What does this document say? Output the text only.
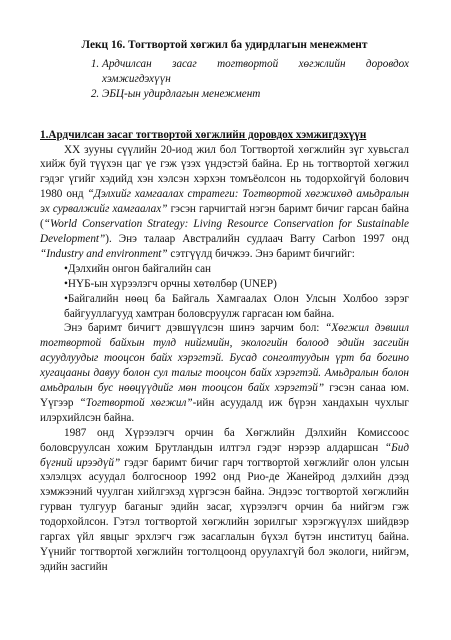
Лекц 16. Тогтвортой хөгжил ба удирдлагын менежмент
1. Ардчилсан засаг тогтвортой хөгжлийн доровдох хэмжигдэхүүн
2. ЭБЦ-ын удирдлагын менежмент
1.Ардчилсан засаг тогтвортой хөгжлийн доровдох хэмжигдэхүүн

XX зууны сүүлийн 20-иод жил бол Тогтвортой хөгжлийн зүг хувьсгал хийж буй түүхэн цаг үе гэж үзэх үндэстэй байна. Ер нь тогтвортой хөгжил гэдэг үгийг хэдийд хэн хэлсэн хэрхэн томъёолсон нь тодорхойгүй болович 1980 онд “Дэлхийг хамгаалах стратеги: Тогтвортой хөгжихөд амьдралын эх сурвалжийг хамгаалах” гэсэн гарчигтай нэгэн баримт бичиг гарсан байна (“World Conservation Strategy: Living Resource Conservation for Sustainable Development”). Энэ талаар Австралийн судлаач Barry Carbon 1997 онд “Industry and environment” сэтгүүлд бичжээ. Энэ баримт бичгийг:

•Дэлхийн онгон байгалийн сан
•НҮБ-ын хүрээлэгч орчны хөтөлбөр (UNEP)
•Байгалийн нөөц ба Байгаль Хамгаалах Олон Улсын Холбоо зэрэг байгууллагууд хамтран боловсруулж гаргасан юм байна.

Энэ баримт бичигт дэвшүүлсэн шинэ зарчим бол: “Хөгжил дэвшил тогтвортой байхын тулд нийгмийн, экологийн болоод эдийн засгийн асуудлуудыг тооцсон байх хэрэгтэй. Бусад сонголтуудын үрт ба богино хугацааны давуу болон сул талыг тооцсон байх хэрэгтэй. Амьдралын болон амьдралын бус нөөцүүдийг мөн тооцсон байх хэрэгтэй” гэсэн санаа юм. Үүгээр “Тогтвортой хөгжил”-ийн асуудалд иж бүрэн хандахын чухлыг илэрхийлсэн байна.

1987 онд Хүрээлэгч орчин ба Хөгжлийн Дэлхийн Комиссоос боловсруулсан хожим Брутландын илтгэл гэдэг нэрээр алдаршсан “Бид бүгний ирээдүй” гэдэг баримт бичиг гарч тогтвортой хөгжлийг олон улсын хэлэлцэх асуудал болгосноор 1992 онд Рио-де Жанейрод дэлхийн дээд хэмжээний чуулган хийлгэхэд хүргэсэн байна. Эндээс тогтвортой хөгжлийн гурван тулгуур баганыг эдийн засаг, хүрээлэгч орчин ба нийгэм гэж тодорхойлсон. Гэтэл тогтвортой хөгжлийн зорилгыг хэрэгжүүлэх шийдвэр гаргах үйл явцыг эрхлэгч гэж засаглалын бүхэл бүтэн институц байна. Үүнийг тогтвортой хөгжлийн тогтолцоонд оруулахгүй бол экологи, нийгэм, эдийн засгийн
